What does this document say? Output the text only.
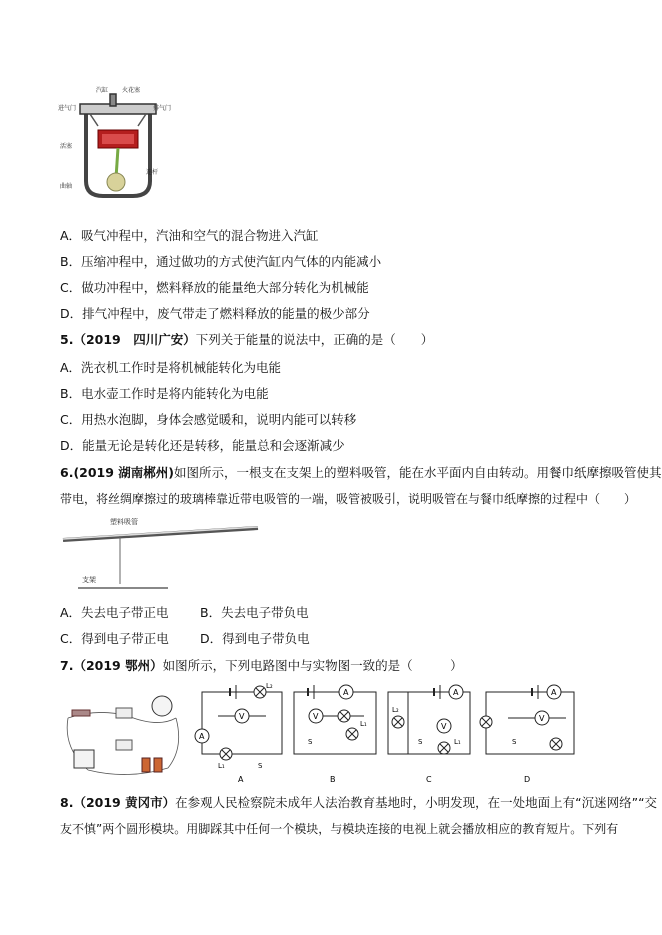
汽缸 火花塞
进气门	排气门
活塞
连杆
曲轴
A．吸气冲程中，汽油和空气的混合物进入汽缸
B．压缩冲程中，通过做功的方式使汽缸内气体的内能减小
C．做功冲程中，燃料释放的能量绝大部分转化为机械能
D．排气冲程中，废气带走了燃料释放的能量的极少部分
5.（2019　四川广安）下列关于能量的说法中，正确的是（　　）
A．洗衣机工作时是将机械能转化为电能
B．电水壶工作时是将内能转化为电能
C．用热水泡脚，身体会感觉暖和，说明内能可以转移
D．能量无论是转化还是转移，能量总和会逐渐减少
6.(2019 湖南郴州)如图所示，一根支在支架上的塑料吸管，能在水平面内自由转动。用餐巾纸摩擦吸管使其
带电，将丝绸摩擦过的玻璃棒靠近带电吸管的一端，吸管被吸引，说明吸管在与餐巾纸摩擦的过程中（　　）
塑料吸管
支架
A．失去电子带正电	B．失去电子带负电
C．得到电子带正电	D．得到电子带负电
7.（2019 鄂州）如图所示，下列电路图中与实物图一致的是（　　　）
V
A
L₂
L₁	S
A
A
V
L₁
S
B
A
V
L₂
L₁
S
C
A
V
S
D
8.（2019 黄冈市）在参观人民检察院未成年人法治教育基地时，小明发现，在一处地面上有“沉迷网络”“交
友不慎”两个圆形模块。用脚踩其中任何一个模块，与模块连接的电视上就会播放相应的教育短片。下列有
